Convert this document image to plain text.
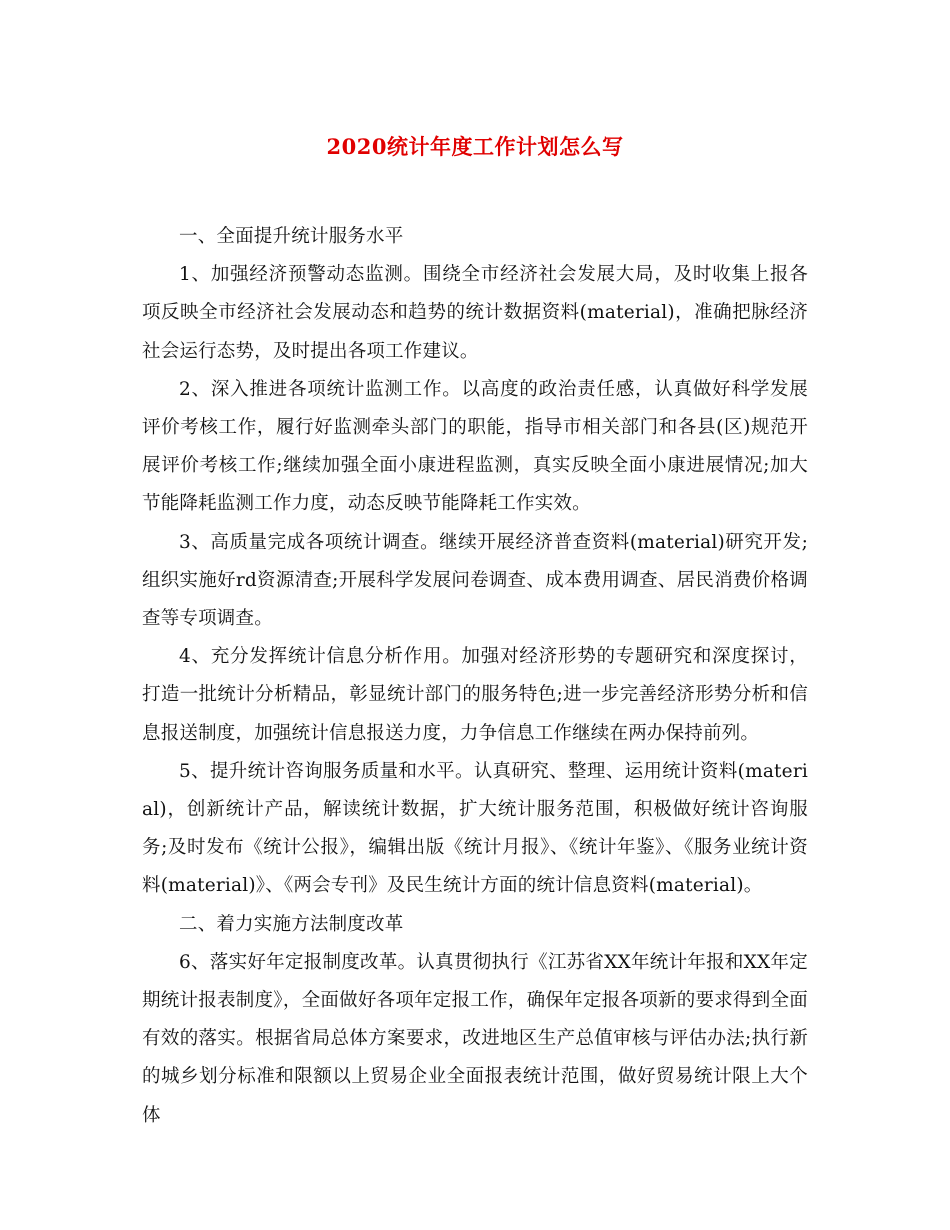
2020统计年度工作计划怎么写

一、全面提升统计服务水平

1、加强经济预警动态监测。围绕全市经济社会发展大局，及时收集上报各项反映全市经济社会发展动态和趋势的统计数据资料(material)，准确把脉经济社会运行态势，及时提出各项工作建议。

2、深入推进各项统计监测工作。以高度的政治责任感，认真做好科学发展评价考核工作，履行好监测牵头部门的职能，指导市相关部门和各县(区)规范开展评价考核工作;继续加强全面小康进程监测，真实反映全面小康进展情况;加大节能降耗监测工作力度，动态反映节能降耗工作实效。

3、高质量完成各项统计调查。继续开展经济普查资料(material)研究开发;组织实施好rd资源清查;开展科学发展问卷调查、成本费用调查、居民消费价格调查等专项调查。

4、充分发挥统计信息分析作用。加强对经济形势的专题研究和深度探讨，打造一批统计分析精品，彰显统计部门的服务特色;进一步完善经济形势分析和信息报送制度，加强统计信息报送力度，力争信息工作继续在两办保持前列。

5、提升统计咨询服务质量和水平。认真研究、整理、运用统计资料(material)，创新统计产品，解读统计数据，扩大统计服务范围，积极做好统计咨询服务;及时发布《统计公报》，编辑出版《统计月报》、《统计年鉴》、《服务业统计资料(material)》、《两会专刊》及民生统计方面的统计信息资料(material)。

二、着力实施方法制度改革

6、落实好年定报制度改革。认真贯彻执行《江苏省XX年统计年报和XX年定期统计报表制度》，全面做好各项年定报工作，确保年定报各项新的要求得到全面有效的落实。根据省局总体方案要求，改进地区生产总值审核与评估办法;执行新的城乡划分标准和限额以上贸易企业全面报表统计范围，做好贸易统计限上大个体
